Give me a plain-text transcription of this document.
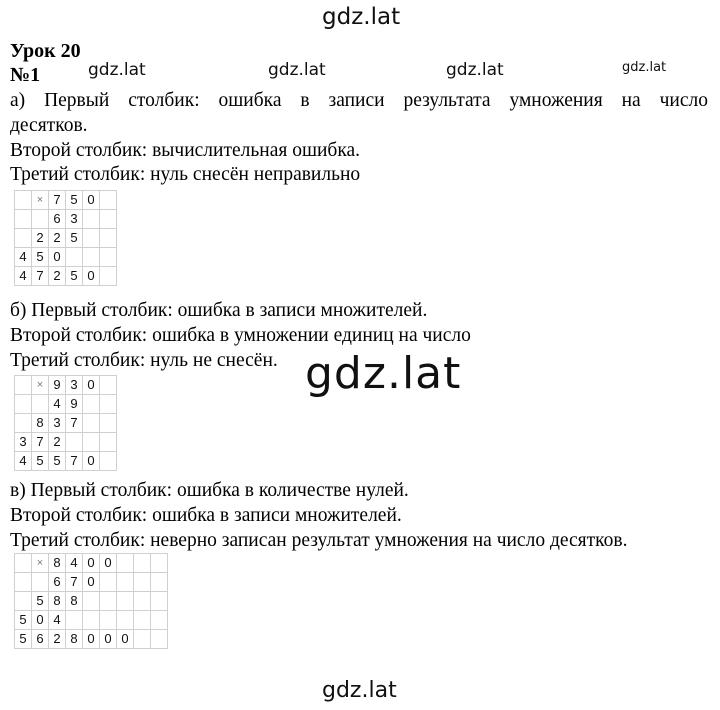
gdz.lat
gdz.lat	gdz.lat	gdz.lat	gdz.lat
gdz.lat
gdz.lat
Урок 20
№1
а) Первый столбик: ошибка в записи результата умножения на число
десятков.
Второй столбик: вычислительная ошибка.
Третий столбик: нуль снесён неправильно
	×	7	5	0	
		6	3		
	2	2	5		
4	5	0			
4	7	2	5	0	
б) Первый столбик: ошибка в записи множителей.
Второй столбик: ошибка в умножении единиц на число
Третий столбик: нуль не снесён.
	×	9	3	0	
		4	9		
	8	3	7		
3	7	2			
4	5	5	7	0	
в) Первый столбик: ошибка в количестве нулей.
Второй столбик: ошибка в записи множителей.
Третий столбик: неверно записан результат умножения на число десятков.
	×	8	4	0	0			
		6	7	0				
	5	8	8					
5	0	4						
5	6	2	8	0	0	0		
